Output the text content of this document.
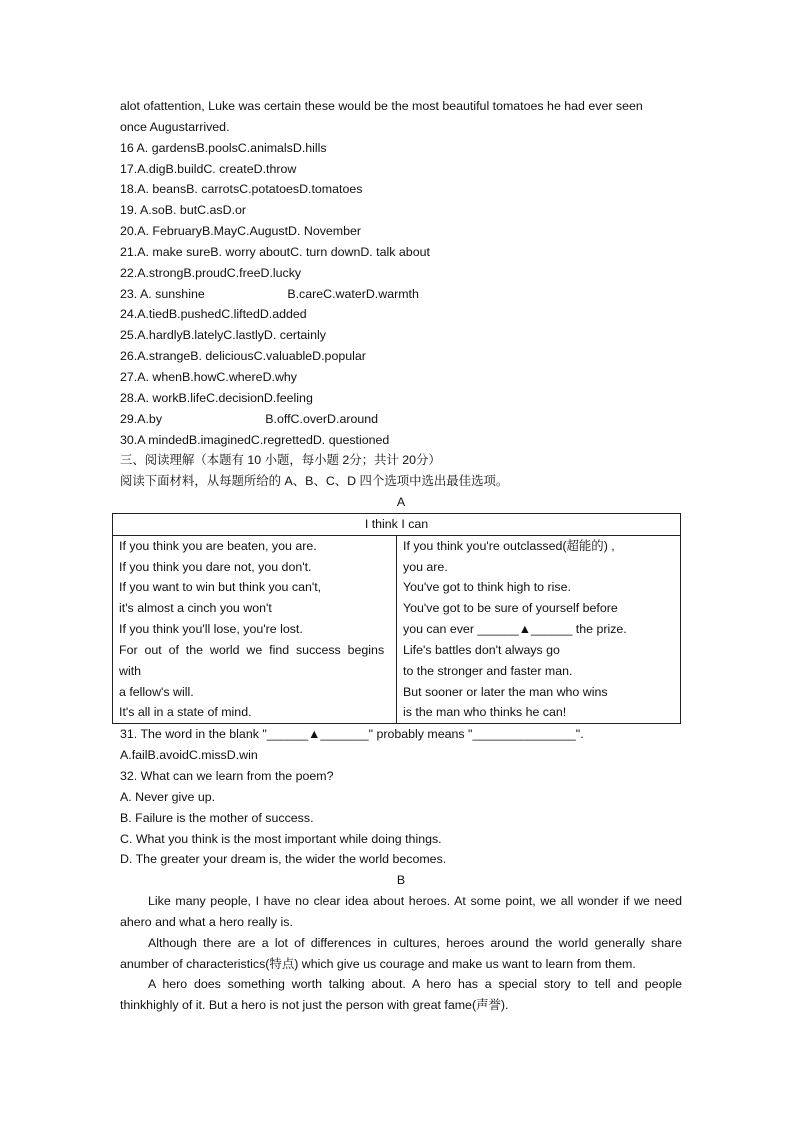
alot ofattention, Luke was certain these would be the most beautiful tomatoes he had ever seen
once Augustarrived.
16 A. gardensB.poolsC.animalsD.hills
17.A.digB.buildC. createD.throw
18.A. beansB. carrotsC.potatoesD.tomatoes
19. A.soB. butC.asD.or
20.A. FebruaryB.MayC.AugustD. November
21.A. make sureB. worry aboutC. turn downD. talk about
22.A.strongB.proudC.freeD.lucky
23. A. sunshine                        B.careC.waterD.warmth
24.A.tiedB.pushedC.liftedD.added
25.A.hardlyB.latelyC.lastlyD. certainly
26.A.strangeB. deliciousC.valuableD.popular
27.A. whenB.howC.whereD.why
28.A. workB.lifeC.decisionD.feeling
29.A.by                              B.offC.overD.around
30.A mindedB.imaginedC.regrettedD. questioned
三、阅读理解（本题有 10 小题，每小题 2分；共计 20分）
阅读下面材料，从每题所给的 A、B、C、D 四个选项中选出最佳选项。
A
I think I can

If you think you are beaten, you are.
If you think you dare not, you don't.
If you want to win but think you can't,
it's almost a cinch you won't
If you think you'll lose, you're lost.
For  out  of  the  world  we  find  success  begins
with
a fellow's will.
It's all in a state of mind.

If you think you're outclassed(超能的) ,
you are.
You've got to think high to rise.
You've got to be sure of yourself before
you can ever ______▲______ the prize.
Life's battles don't always go
to the stronger and faster man.
But sooner or later the man who wins
is the man who thinks he can!
31. The word in the blank "______▲_______" probably means "_______________".
A.failB.avoidC.missD.win
32. What can we learn from the poem?
A. Never give up.
B. Failure is the mother of success.
C. What you think is the most important while doing things.
D. The greater your dream is, the wider the world becomes.
B
Like many people, I have no clear idea about heroes. At some point, we all wonder if we need ahero and what a hero really is.
Although there are a lot of differences in cultures, heroes around the world generally share anumber of characteristics(特点) which give us courage and make us want to learn from them.
A hero does something worth talking about. A hero has a special story to tell and people thinkhighly of it. But a hero is not just the person with great fame(声誉).
